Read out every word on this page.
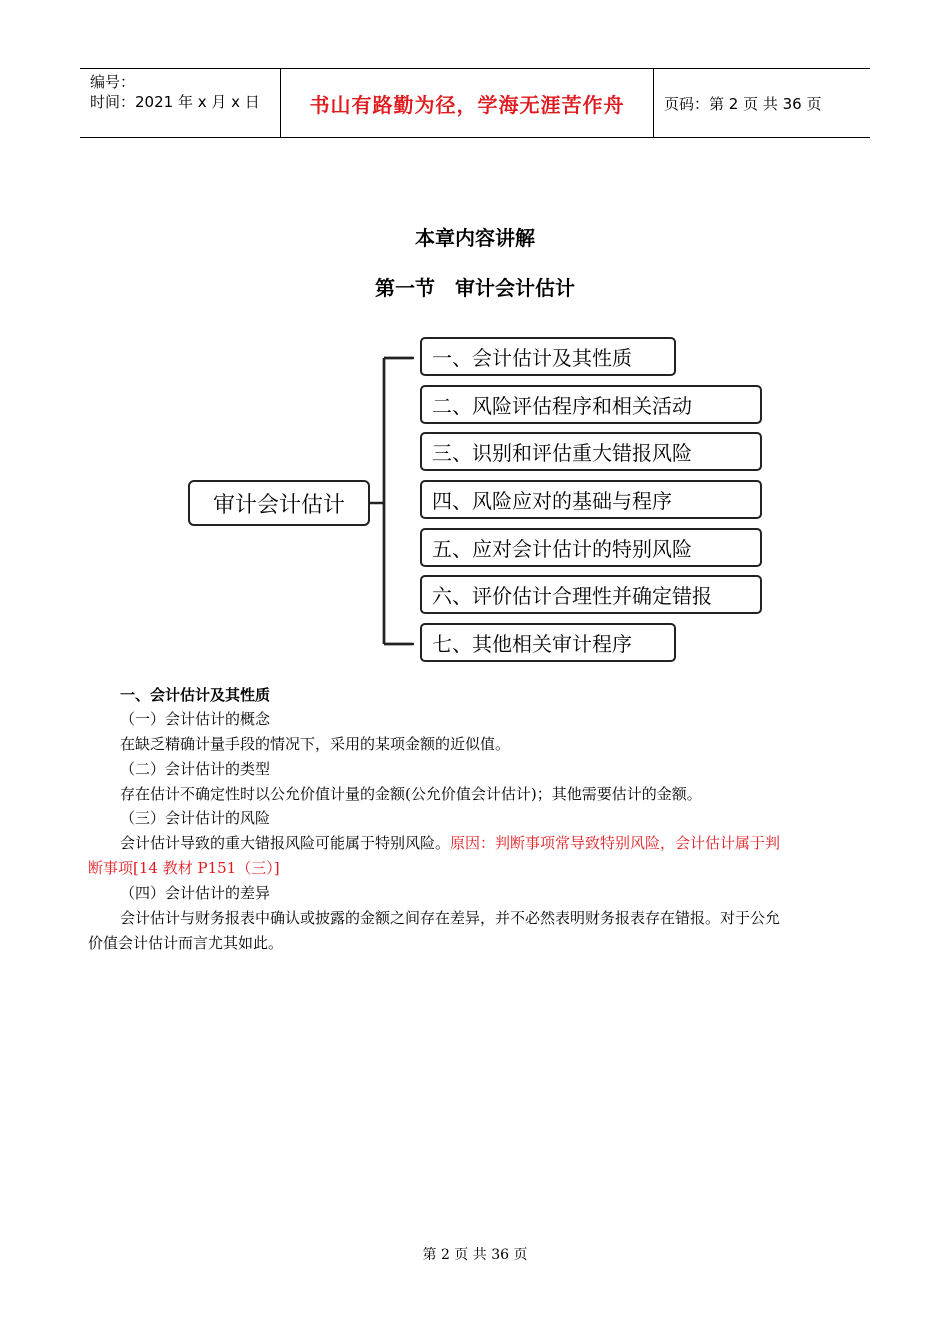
编号：
时间：2021 年 x 月 x 日	书山有路勤为径，学海无涯苦作舟	页码：第 2 页 共 36 页
本章内容讲解
第一节　审计会计估计
审计会计估计
一、会计估计及其性质
二、风险评估程序和相关活动
三、识别和评估重大错报风险
四、风险应对的基础与程序
五、应对会计估计的特别风险
六、评价估计合理性并确定错报
七、其他相关审计程序
一、会计估计及其性质
（一）会计估计的概念
在缺乏精确计量手段的情况下，采用的某项金额的近似值。
（二）会计估计的类型
存在估计不确定性时以公允价值计量的金额(公允价值会计估计)；其他需要估计的金额。
（三）会计估计的风险
会计估计导致的重大错报风险可能属于特别风险。原因：判断事项常导致特别风险，会计估计属于判
断事项[14 教材 P151（三）]
（四）会计估计的差异
会计估计与财务报表中确认或披露的金额之间存在差异，并不必然表明财务报表存在错报。对于公允
价值会计估计而言尤其如此。
第 2 页 共 36 页
